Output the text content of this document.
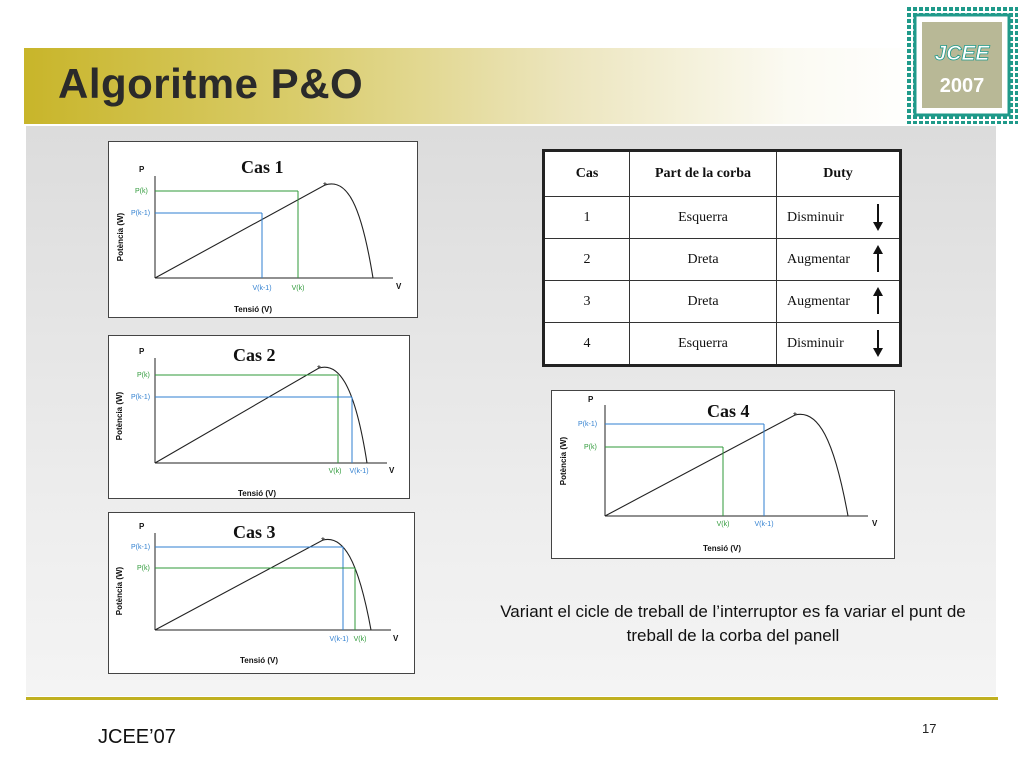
Algoritme P&O
JCEE
2007
Cas 1
P
V
Potència (W)
Tensió (V)
*
P(k)
P(k-1)
V(k-1)	V(k)
Cas 2
P
V
Potència (W)
Tensió (V)
*
P(k)
P(k-1)
V(k) V(k-1)
Cas 3
P
V
Potència (W)
Tensió (V)
*
P(k-1)
P(k)
V(k-1) V(k)
Cas 4
P
V
Potència (W)
Tensió (V)
*
P(k-1)
P(k)
V(k)	V(k-1)
Cas	Part de la corba	Duty
1	Esquerra	Disminuir

2	Dreta	Augmentar

3	Dreta	Augmentar

4	Esquerra	Disminuir
Variant el cicle de treball de l’interruptor es fa variar el punt de treball de la corba del panell
JCEE’07	17
